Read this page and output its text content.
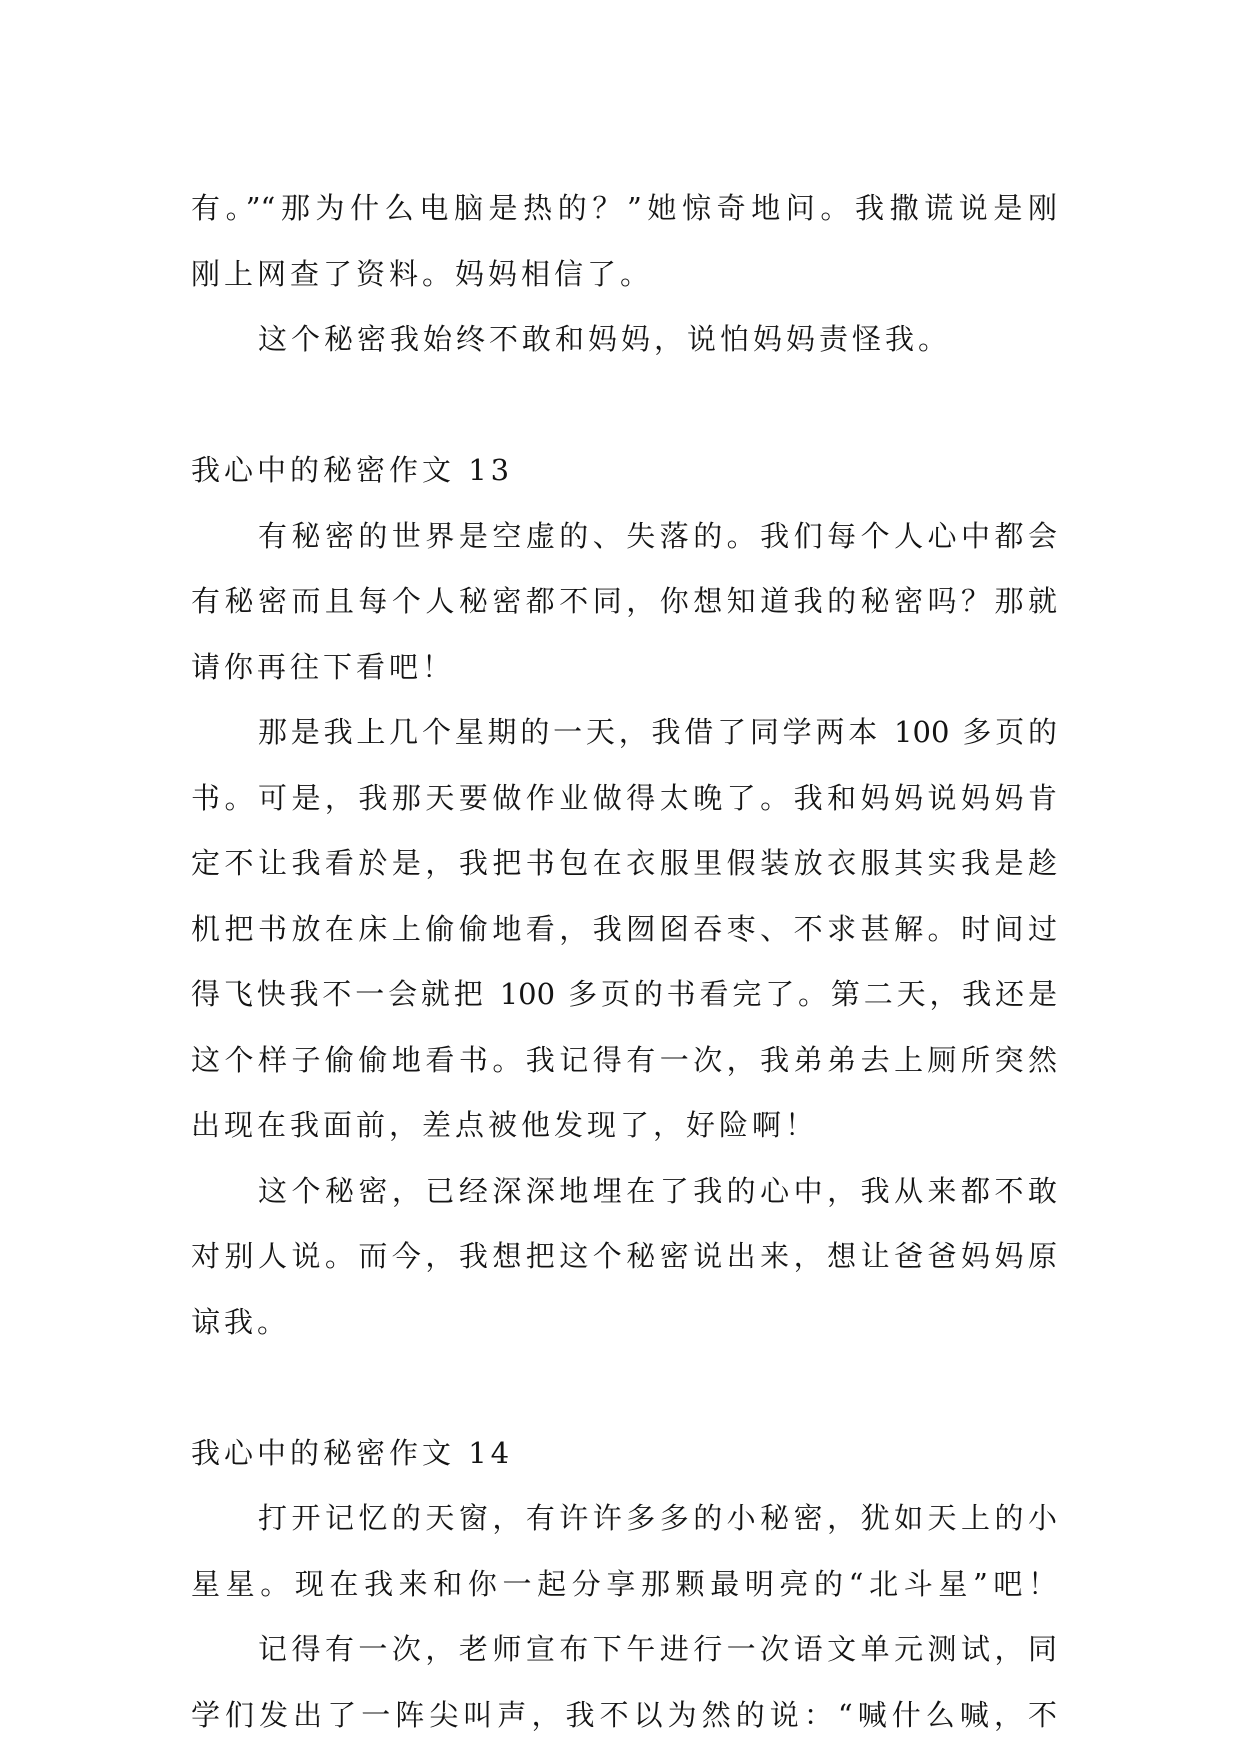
有。”“那为什么电脑是热的？”她惊奇地问。我撒谎说是刚
刚上网查了资料。妈妈相信了。
这个秘密我始终不敢和妈妈，说怕妈妈责怪我。
我心中的秘密作文 13
有秘密的世界是空虚的、失落的。我们每个人心中都会
有秘密而且每个人秘密都不同，你想知道我的秘密吗？那就
请你再往下看吧！
那是我上几个星期的一天，我借了同学两本 100 多页的
书。可是，我那天要做作业做得太晚了。我和妈妈说妈妈肯
定不让我看於是，我把书包在衣服里假装放衣服其实我是趁
机把书放在床上偷偷地看，我囫囵吞枣、不求甚解。时间过
得飞快我不一会就把 100 多页的书看完了。第二天，我还是
这个样子偷偷地看书。我记得有一次，我弟弟去上厕所突然
出现在我面前，差点被他发现了，好险啊！
这个秘密，已经深深地埋在了我的心中，我从来都不敢
对别人说。而今，我想把这个秘密说出来，想让爸爸妈妈原
谅我。
我心中的秘密作文 14
打开记忆的天窗，有许许多多的小秘密，犹如天上的小
星星。现在我来和你一起分享那颗最明亮的“北斗星”吧！
记得有一次，老师宣布下午进行一次语文单元测试，同
学们发出了一阵尖叫声，我不以为然的说：“喊什么喊，不
